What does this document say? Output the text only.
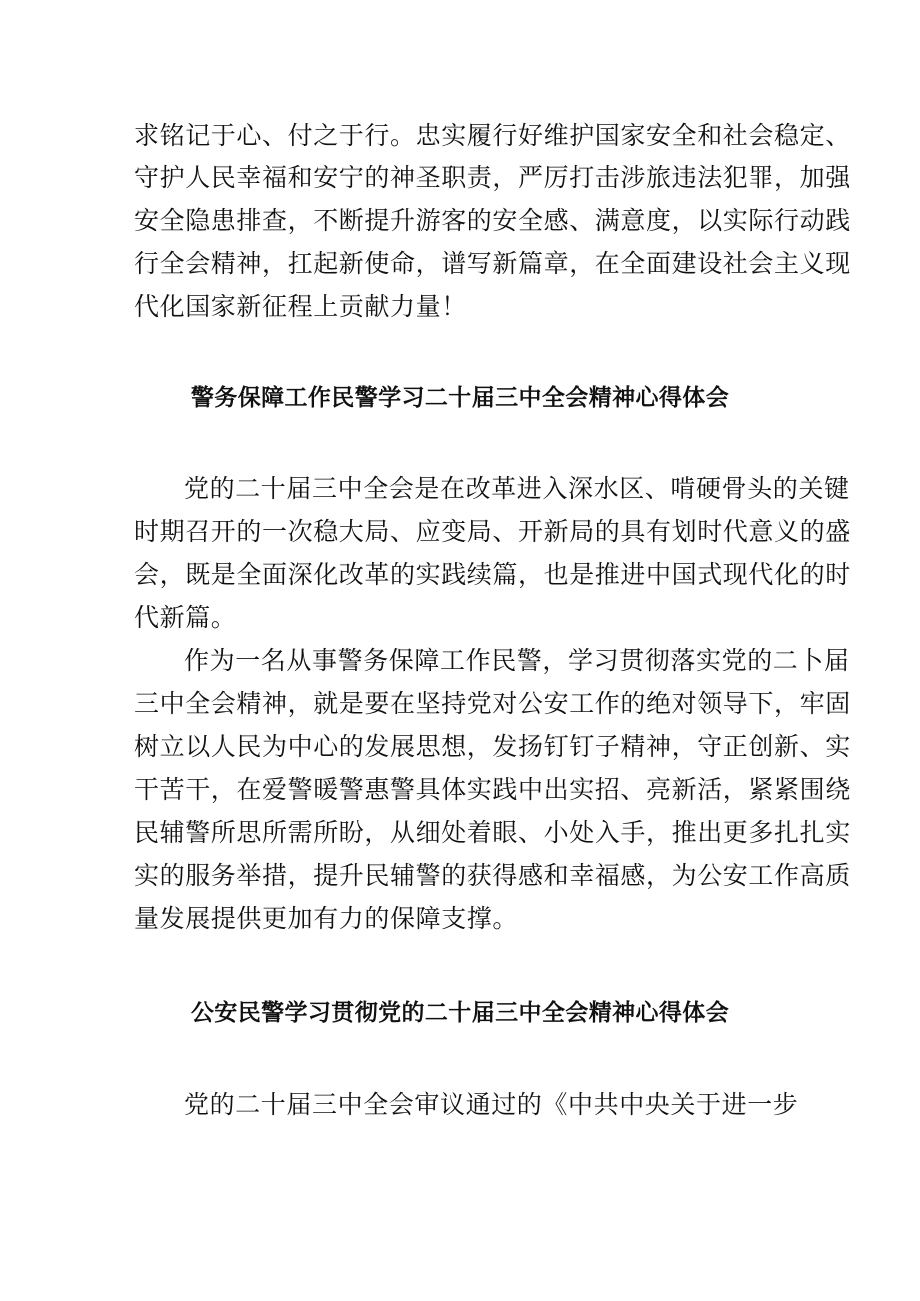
求铭记于心、付之于行。忠实履行好维护国家安全和社会稳定、
守护人民幸福和安宁的神圣职责，严厉打击涉旅违法犯罪，加强
安全隐患排查，不断提升游客的安全感、满意度，以实际行动践
行全会精神，扛起新使命，谱写新篇章，在全面建设社会主义现
代化国家新征程上贡献力量！
警务保障工作民警学习二十届三中全会精神心得体会
党的二十届三中全会是在改革进入深水区、啃硬骨头的关键
时期召开的一次稳大局、应变局、开新局的具有划时代意义的盛
会，既是全面深化改革的实践续篇，也是推进中国式现代化的时
代新篇。
作为一名从事警务保障工作民警，学习贯彻落实党的二卜届
三中全会精神，就是要在坚持党对公安工作的绝对领导下，牢固
树立以人民为中心的发展思想，发扬钉钉子精神，守正创新、实
干苦干，在爱警暖警惠警具体实践中出实招、亮新活，紧紧围绕
民辅警所思所需所盼，从细处着眼、小处入手，推出更多扎扎实
实的服务举措，提升民辅警的获得感和幸福感，为公安工作高质
量发展提供更加有力的保障支撑。
公安民警学习贯彻党的二十届三中全会精神心得体会
党的二十届三中全会审议通过的《中共中央关于进一步
